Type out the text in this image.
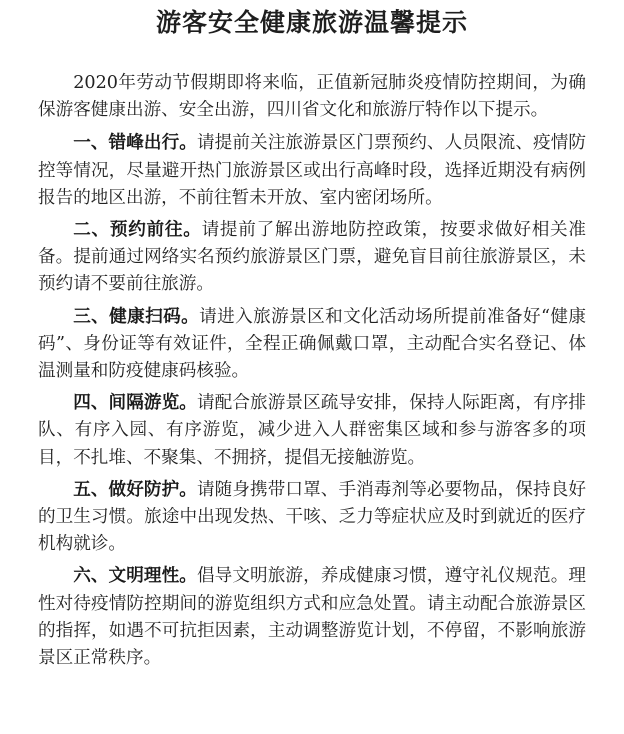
游客安全健康旅游温馨提示

2020年劳动节假期即将来临，正值新冠肺炎疫情防控期间，为确保游客健康出游、安全出游，四川省文化和旅游厅特作以下提示。

一、错峰出行。请提前关注旅游景区门票预约、人员限流、疫情防控等情况，尽量避开热门旅游景区或出行高峰时段，选择近期没有病例报告的地区出游，不前往暂未开放、室内密闭场所。

二、预约前往。请提前了解出游地防控政策，按要求做好相关准备。提前通过网络实名预约旅游景区门票，避免盲目前往旅游景区，未预约请不要前往旅游。

三、健康扫码。请进入旅游景区和文化活动场所提前准备好“健康码”、身份证等有效证件，全程正确佩戴口罩，主动配合实名登记、体温测量和防疫健康码核验。

四、间隔游览。请配合旅游景区疏导安排，保持人际距离，有序排队、有序入园、有序游览，减少进入人群密集区域和参与游客多的项目，不扎堆、不聚集、不拥挤，提倡无接触游览。

五、做好防护。请随身携带口罩、手消毒剂等必要物品，保持良好的卫生习惯。旅途中出现发热、干咳、乏力等症状应及时到就近的医疗机构就诊。

六、文明理性。倡导文明旅游，养成健康习惯，遵守礼仪规范。理性对待疫情防控期间的游览组织方式和应急处置。请主动配合旅游景区的指挥，如遇不可抗拒因素，主动调整游览计划，不停留，不影响旅游景区正常秩序。
